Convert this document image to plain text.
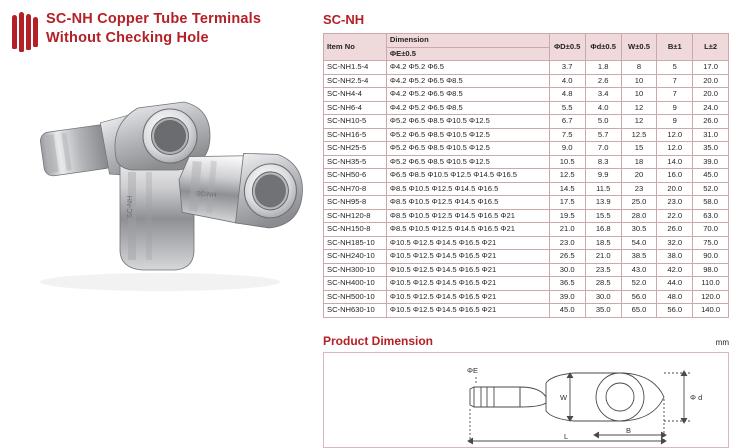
SC-NH Copper Tube Terminals Without Checking Hole
SC-NH
SC-NH
SC-NH
Item No	Dimension	ΦD±0.5	Φd±0.5	W±0.5	B±1	L±2
	ΦE±0.5					
SC-NH1.5-4	Φ4.2 Φ5.2 Φ6.5	3.7	1.8	8	5	17.0
SC-NH2.5-4	Φ4.2 Φ5.2 Φ6.5 Φ8.5	4.0	2.6	10	7	20.0
SC-NH4-4	Φ4.2 Φ5.2 Φ6.5 Φ8.5	4.8	3.4	10	7	20.0
SC-NH6-4	Φ4.2 Φ5.2 Φ6.5 Φ8.5	5.5	4.0	12	9	24.0
SC-NH10-5	Φ5.2 Φ6.5 Φ8.5 Φ10.5 Φ12.5	6.7	5.0	12	9	26.0
SC-NH16-5	Φ5.2 Φ6.5 Φ8.5 Φ10.5 Φ12.5	7.5	5.7	12.5	12.0	31.0
SC-NH25-5	Φ5.2 Φ6.5 Φ8.5 Φ10.5 Φ12.5	9.0	7.0	15	12.0	35.0
SC-NH35-5	Φ5.2 Φ6.5 Φ8.5 Φ10.5 Φ12.5	10.5	8.3	18	14.0	39.0
SC-NH50-6	Φ6.5 Φ8.5 Φ10.5 Φ12.5 Φ14.5 Φ16.5	12.5	9.9	20	16.0	45.0
SC-NH70-8	Φ8.5 Φ10.5 Φ12.5 Φ14.5 Φ16.5	14.5	11.5	23	20.0	52.0
SC-NH95-8	Φ8.5 Φ10.5 Φ12.5 Φ14.5 Φ16.5	17.5	13.9	25.0	23.0	58.0
SC-NH120-8	Φ8.5 Φ10.5 Φ12.5 Φ14.5 Φ16.5 Φ21	19.5	15.5	28.0	22.0	63.0
SC-NH150-8	Φ8.5 Φ10.5 Φ12.5 Φ14.5 Φ16.5 Φ21	21.0	16.8	30.5	26.0	70.0
SC-NH185-10	Φ10.5 Φ12.5 Φ14.5 Φ16.5 Φ21	23.0	18.5	54.0	32.0	75.0
SC-NH240-10	Φ10.5 Φ12.5 Φ14.5 Φ16.5 Φ21	26.5	21.0	38.5	38.0	90.0
SC-NH300-10	Φ10.5 Φ12.5 Φ14.5 Φ16.5 Φ21	30.0	23.5	43.0	42.0	98.0
SC-NH400-10	Φ10.5 Φ12.5 Φ14.5 Φ16.5 Φ21	36.5	28.5	52.0	44.0	110.0
SC-NH500-10	Φ10.5 Φ12.5 Φ14.5 Φ16.5 Φ21	39.0	30.0	56.0	48.0	120.0
SC-NH630-10	Φ10.5 Φ12.5 Φ14.5 Φ16.5 Φ21	45.0	35.0	65.0	56.0	140.0
Product Dimension	mm
ΦE
W	Φ d
B
L
